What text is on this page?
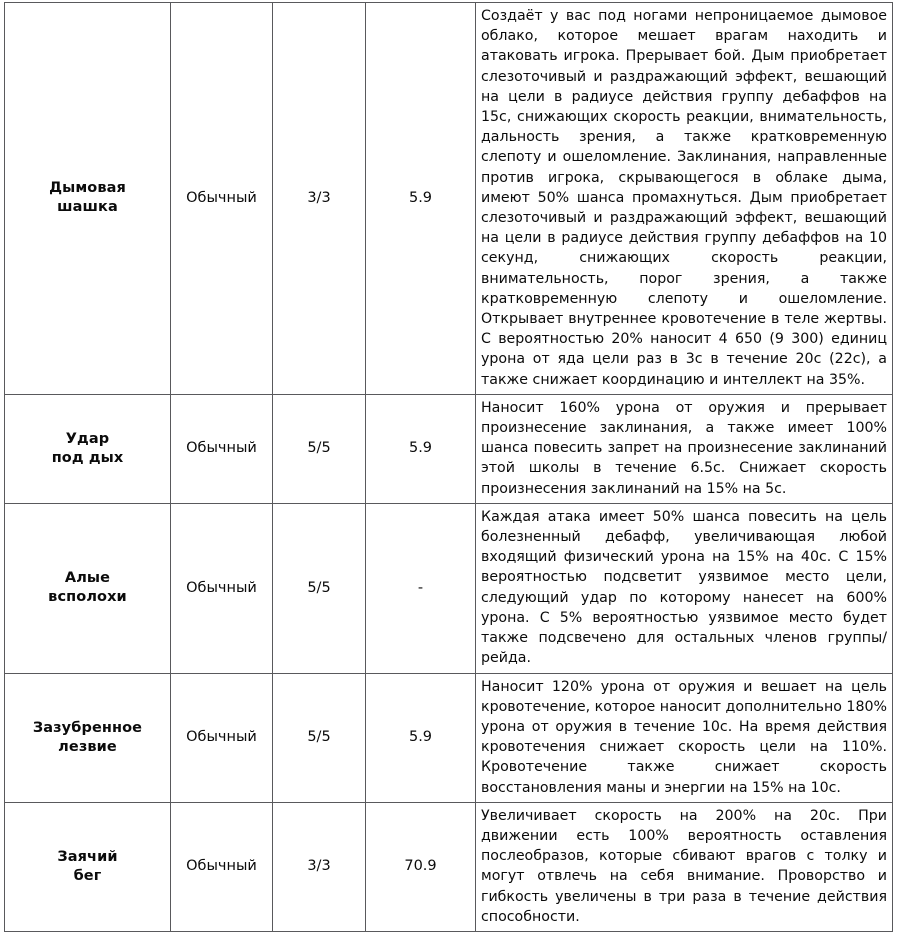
Дымовая
шашка	Обычный	3/3	5.9	Создаёт у вас под ногами непроницаемое дымовое облако, которое мешает врагам находить и атаковать игрока. Прерывает бой. Дым приобретает слезоточивый и раздражающий эффект, вешающий на цели в радиусе действия группу дебаффов на 15с, снижающих скорость реакции, внимательность, дальность зрения, а также кратковременную слепоту и ошеломление. Заклинания, направленные против игрока, скрывающегося в облаке дыма, имеют 50% шанса промахнуться. Дым приобретает слезоточивый и раздражающий эффект, вешающий на цели в радиусе действия группу дебаффов на 10 секунд, снижающих скорость реакции, внимательность, порог зрения, а также кратковременную слепоту и ошеломление. Открывает внутреннее кровотечение в теле жертвы. С вероятностью 20% наносит 4 650 (9 300) единиц урона от яда цели раз в 3с в течение 20с (22с), а также снижает координацию и интеллект на 35%.

Удар
под дых	Обычный	5/5	5.9	Наносит 160% урона от оружия и прерывает произнесение заклинания, а также имеет 100% шанса повесить запрет на произнесение заклинаний этой школы в течение 6.5с. Снижает скорость произнесения заклинаний на 15% на 5с.

Алые
всполохи	Обычный	5/5	-	Каждая атака имеет 50% шанса повесить на цель болезненный дебафф, увеличивающая любой входящий физический урона на 15% на 40с. С 15% вероятностью подсветит уязвимое место цели, следующий удар по которому нанесет на 600% урона. С 5% вероятностью уязвимое место будет также подсвечено для остальных членов группы/рейда.

Зазубренное
лезвие	Обычный	5/5	5.9	Наносит 120% урона от оружия и вешает на цель кровотечение, которое наносит дополнительно 180% урона от оружия в течение 10с. На время действия кровотечения снижает скорость цели на 110%. Кровотечение также снижает скорость восстановления маны и энергии на 15% на 10с.

Заячий
бег	Обычный	3/3	70.9	Увеличивает скорость на 200% на 20с. При движении есть 100% вероятность оставления послеобразов, которые сбивают врагов с толку и могут отвлечь на себя внимание. Проворство и гибкость увеличены в три раза в течение действия способности.
